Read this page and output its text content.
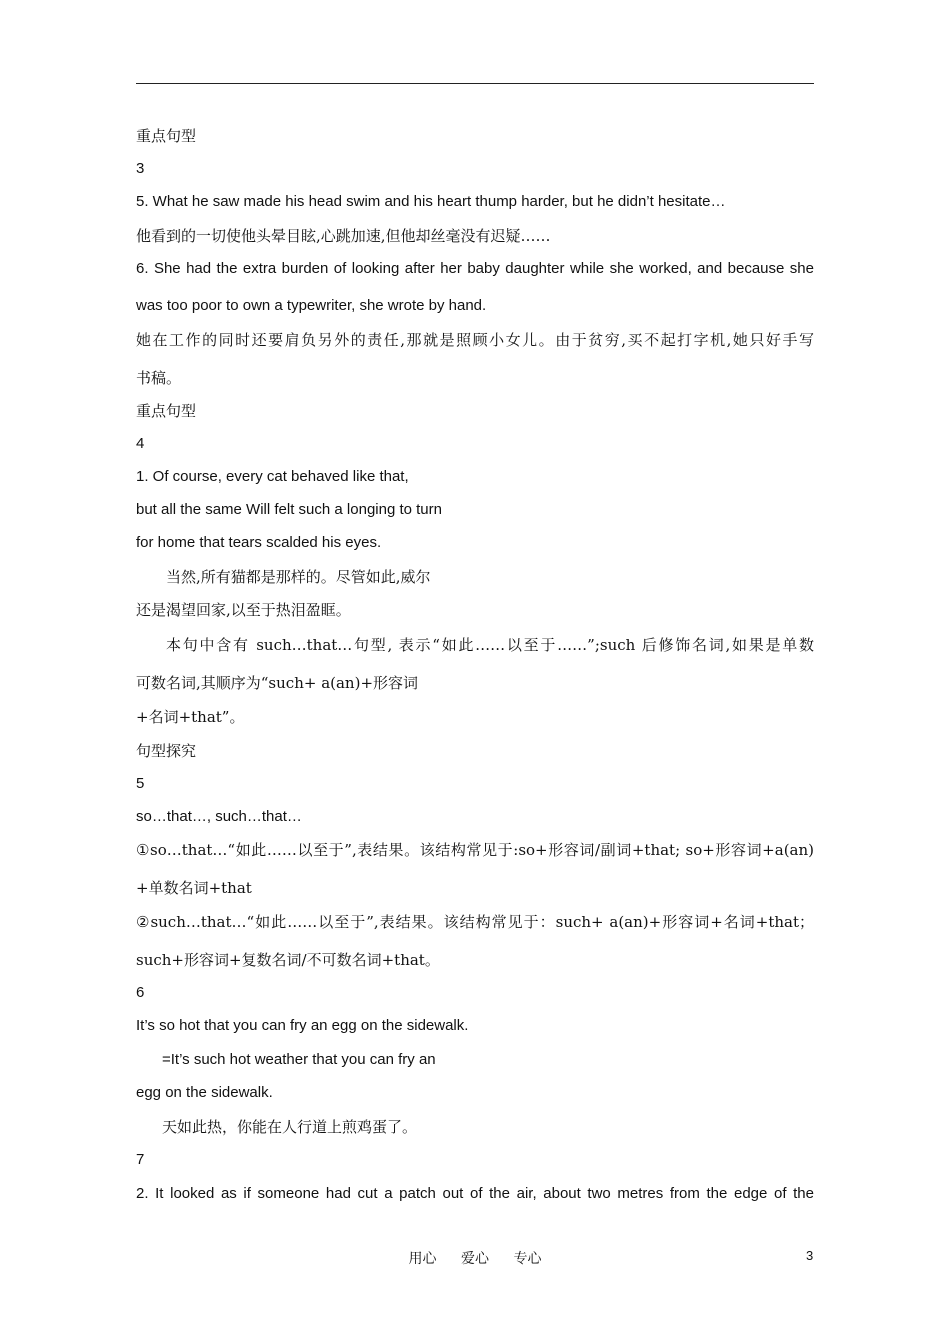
重点句型
3
5. What he saw made his head swim and his heart thump harder, but he didn’t hesitate…
他看到的一切使他头晕目眩,心跳加速,但他却丝毫没有迟疑……
6. She had the extra burden of looking after her baby daughter while she worked, and because she
was too poor to own a typewriter, she wrote by hand.
她在工作的同时还要肩负另外的责任,那就是照顾小女儿。由于贫穷,买不起打字机,她只好手写
书稿。
重点句型
4
1. Of course, every cat behaved like that,
but all the same Will felt such a longing to turn
for home that tears scalded his eyes.
当然,所有猫都是那样的。尽管如此,威尔
还是渴望回家,以至于热泪盈眶。
本句中含有 such…that…句型, 表示“如此……以至于……”;such 后修饰名词,如果是单数
可数名词,其顺序为“such+ a(an)+形容词
+名词+that”。
句型探究
5
so…that…, such…that…
①so…that…“如此……以至于”,表结果。该结构常见于:so+形容词/副词+that; so+形容词+a(an)
+单数名词+that
②such…that…“如此……以至于”,表结果。该结构常见于：such+ a(an)+形容词+名词+that；
such+形容词+复数名词/不可数名词+that。
6
It’s so hot that you can fry an egg on the sidewalk.
=It’s such hot weather that you can fry an
egg on the sidewalk.
天如此热，你能在人行道上煎鸡蛋了。
7
2. It looked as if someone had cut a patch out of the air, about two metres from the edge of the
用心 爱心 专心	3
